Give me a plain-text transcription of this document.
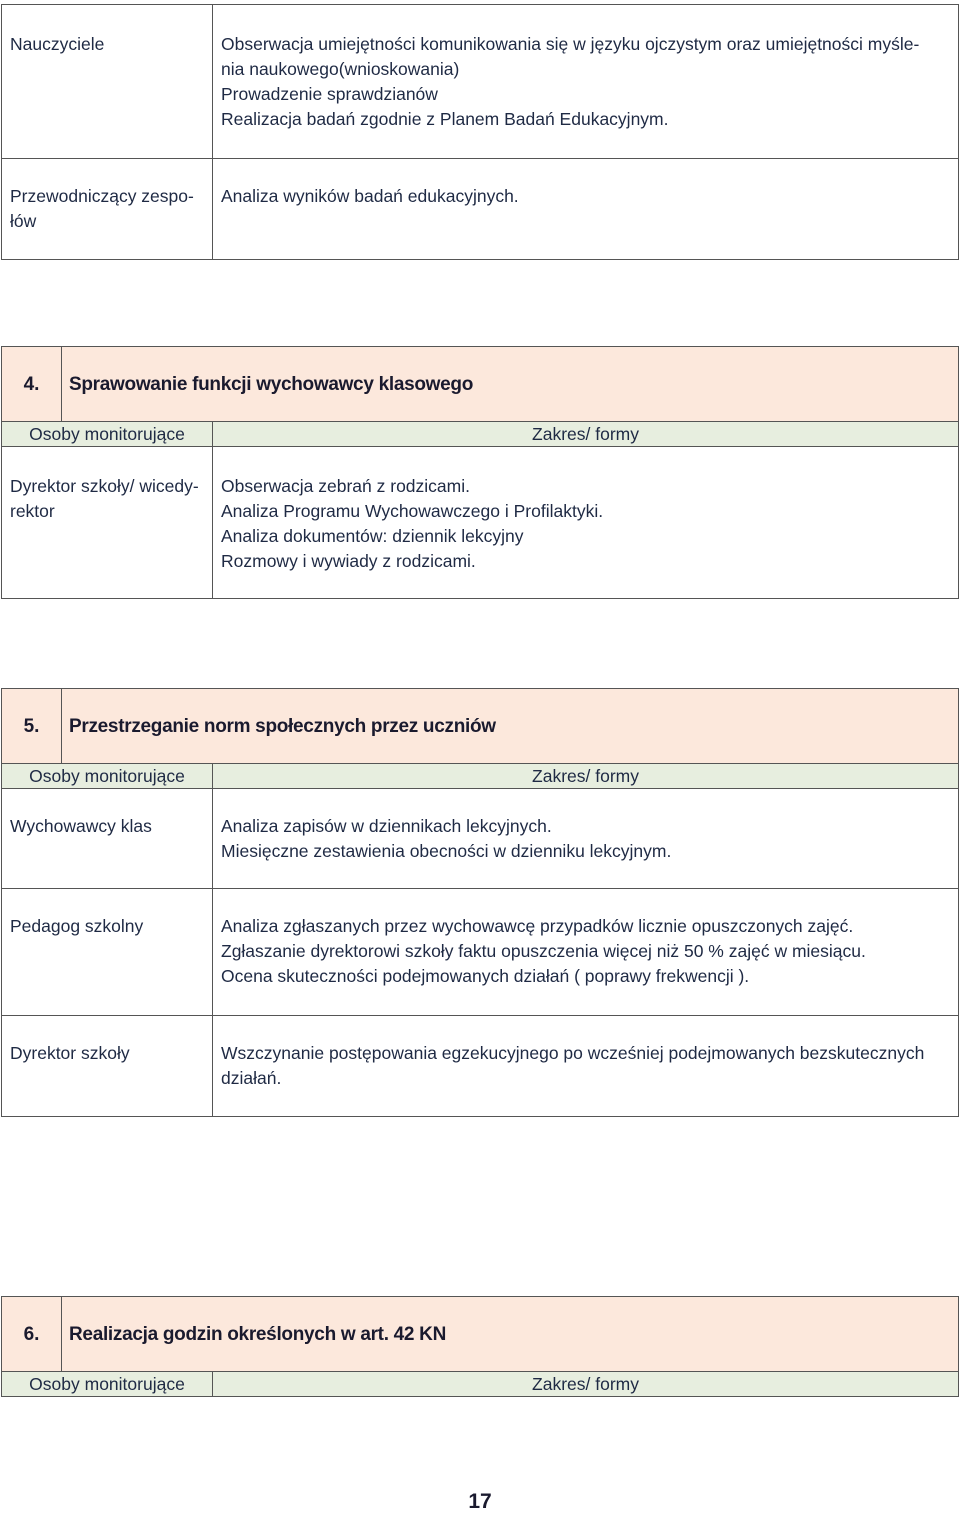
Nauczyciele	Obserwacja umiejętności komunikowania się w języku ojczystym oraz umiejętności myśle-
nia naukowego(wnioskowania)
Prowadzenie sprawdzianów
Realizacja badań zgodnie z Planem Badań Edukacyjnym.
Przewodniczący zespo-
łów	Analiza wyników badań edukacyjnych.
4.	Sprawowanie funkcji wychowawcy klasowego	
Osoby monitorujące		Zakres/ formy
Dyrektor szkoły/ wicedy-
rektor		Obserwacja zebrań z rodzicami.
Analiza Programu Wychowawczego i Profilaktyki.
Analiza dokumentów: dziennik lekcyjny
Rozmowy i wywiady z rodzicami.
5.	Przestrzeganie norm społecznych przez uczniów	
Osoby monitorujące		Zakres/ formy
Wychowawcy klas		Analiza zapisów w dziennikach lekcyjnych.
Miesięczne zestawienia obecności w dzienniku lekcyjnym.
Pedagog szkolny		Analiza zgłaszanych przez wychowawcę przypadków licznie opuszczonych zajęć.
Zgłaszanie dyrektorowi szkoły faktu opuszczenia więcej niż 50 % zajęć w miesiącu.
Ocena skuteczności podejmowanych działań ( poprawy frekwencji ).
Dyrektor szkoły		Wszczynanie postępowania egzekucyjnego po wcześniej podejmowanych bezskutecznych
działań.
6.	Realizacja godzin określonych w art. 42 KN	
Osoby monitorujące		Zakres/ formy
17
